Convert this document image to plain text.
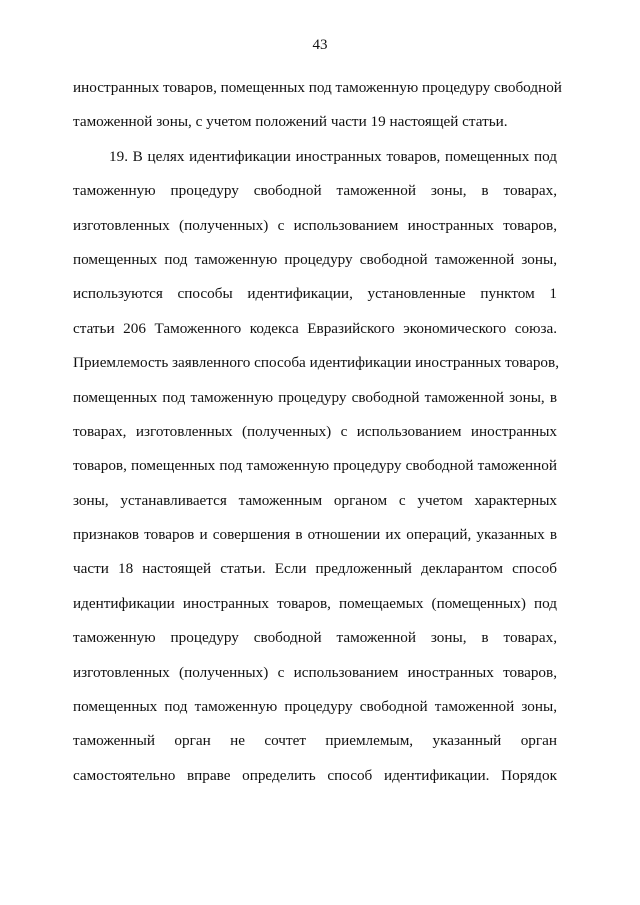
43
иностранных товаров, помещенных под таможенную процедуру свободной
таможенной зоны, с учетом положений части 19 настоящей статьи.
19. В целях идентификации иностранных товаров, помещенных под
таможенную процедуру свободной таможенной зоны, в товарах,
изготовленных (полученных) с использованием иностранных товаров,
помещенных под таможенную процедуру свободной таможенной зоны,
используются способы идентификации, установленные пунктом 1
статьи 206 Таможенного кодекса Евразийского экономического союза.
Приемлемость заявленного способа идентификации иностранных товаров,
помещенных под таможенную процедуру свободной таможенной зоны, в
товарах, изготовленных (полученных) с использованием иностранных
товаров, помещенных под таможенную процедуру свободной таможенной
зоны, устанавливается таможенным органом с учетом характерных
признаков товаров и совершения в отношении их операций, указанных в
части 18 настоящей статьи. Если предложенный декларантом способ
идентификации иностранных товаров, помещаемых (помещенных) под
таможенную процедуру свободной таможенной зоны, в товарах,
изготовленных (полученных) с использованием иностранных товаров,
помещенных под таможенную процедуру свободной таможенной зоны,
таможенный орган не сочтет приемлемым, указанный орган
самостоятельно вправе определить способ идентификации. Порядок
